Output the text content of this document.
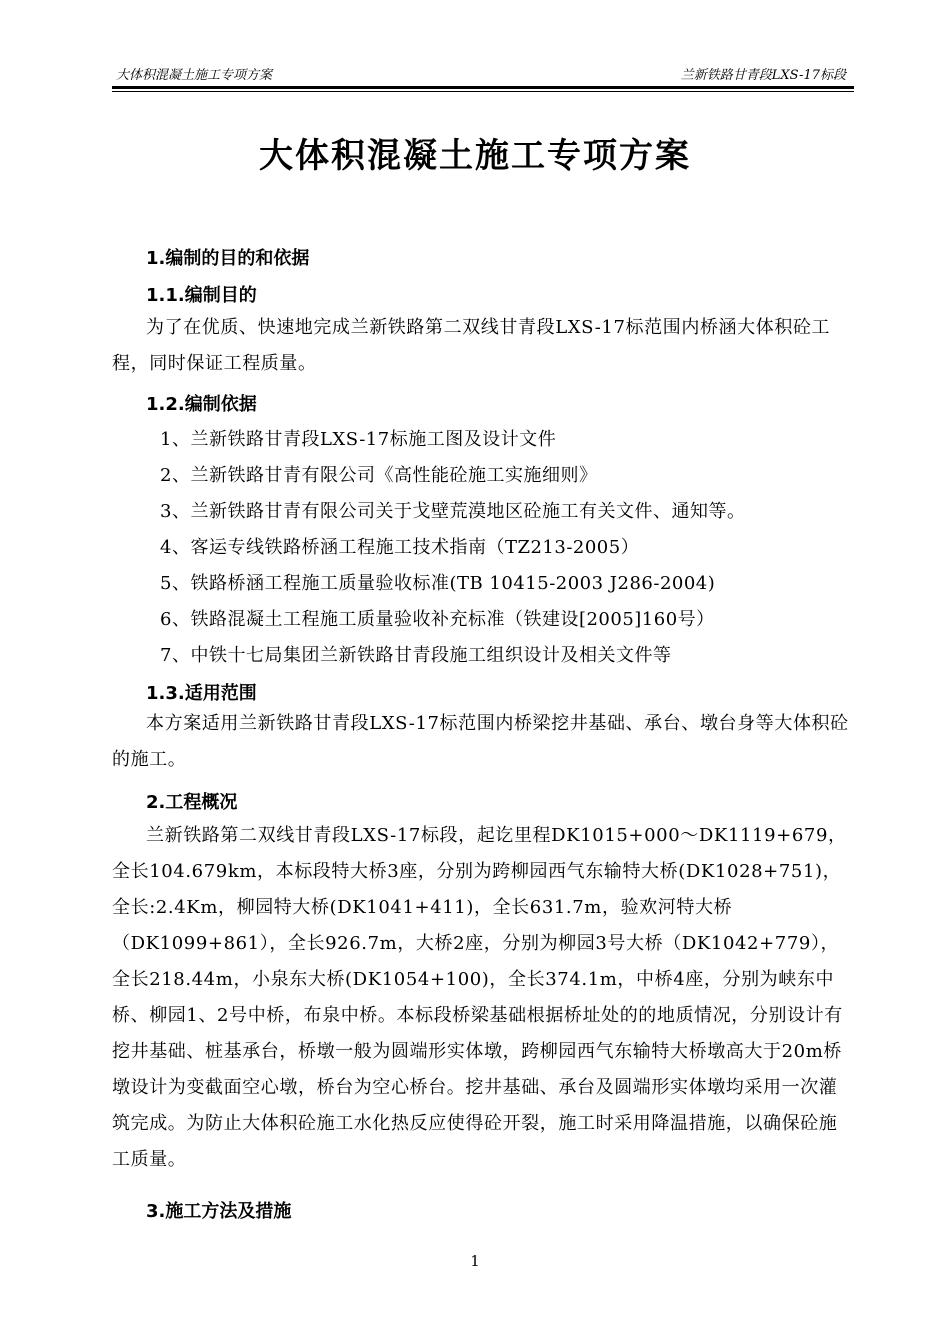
大体积混凝土施工专项方案	兰新铁路甘青段LXS-17标段
大体积混凝土施工专项方案
1.编制的目的和依据
1.1.编制目的
为了在优质、快速地完成兰新铁路第二双线甘青段LXS-17标范围内桥涵大体积砼工程，同时保证工程质量。
1.2.编制依据
1、兰新铁路甘青段LXS-17标施工图及设计文件
2、兰新铁路甘青有限公司《高性能砼施工实施细则》
3、兰新铁路甘青有限公司关于戈壁荒漠地区砼施工有关文件、通知等。
4、客运专线铁路桥涵工程施工技术指南（TZ213-2005）
5、铁路桥涵工程施工质量验收标准(TB 10415-2003 J286-2004)
6、铁路混凝土工程施工质量验收补充标准（铁建设[2005]160号）
7、中铁十七局集团兰新铁路甘青段施工组织设计及相关文件等
1.3.适用范围
本方案适用兰新铁路甘青段LXS-17标范围内桥梁挖井基础、承台、墩台身等大体积砼的施工。
2.工程概况
兰新铁路第二双线甘青段LXS-17标段，起讫里程DK1015+000～DK1119+679，全长104.679km，本标段特大桥3座，分别为跨柳园西气东输特大桥(DK1028+751)，全长:2.4Km，柳园特大桥(DK1041+411)，全长631.7m，验欢河特大桥（DK1099+861），全长926.7m，大桥2座，分别为柳园3号大桥（DK1042+779），全长218.44m，小泉东大桥(DK1054+100)，全长374.1m，中桥4座，分别为峡东中桥、柳园1、2号中桥，布泉中桥。本标段桥梁基础根据桥址处的的地质情况，分别设计有挖井基础、桩基承台，桥墩一般为圆端形实体墩，跨柳园西气东输特大桥墩高大于20m桥墩设计为变截面空心墩，桥台为空心桥台。挖井基础、承台及圆端形实体墩均采用一次灌筑完成。为防止大体积砼施工水化热反应使得砼开裂，施工时采用降温措施，以确保砼施工质量。
3.施工方法及措施
1
